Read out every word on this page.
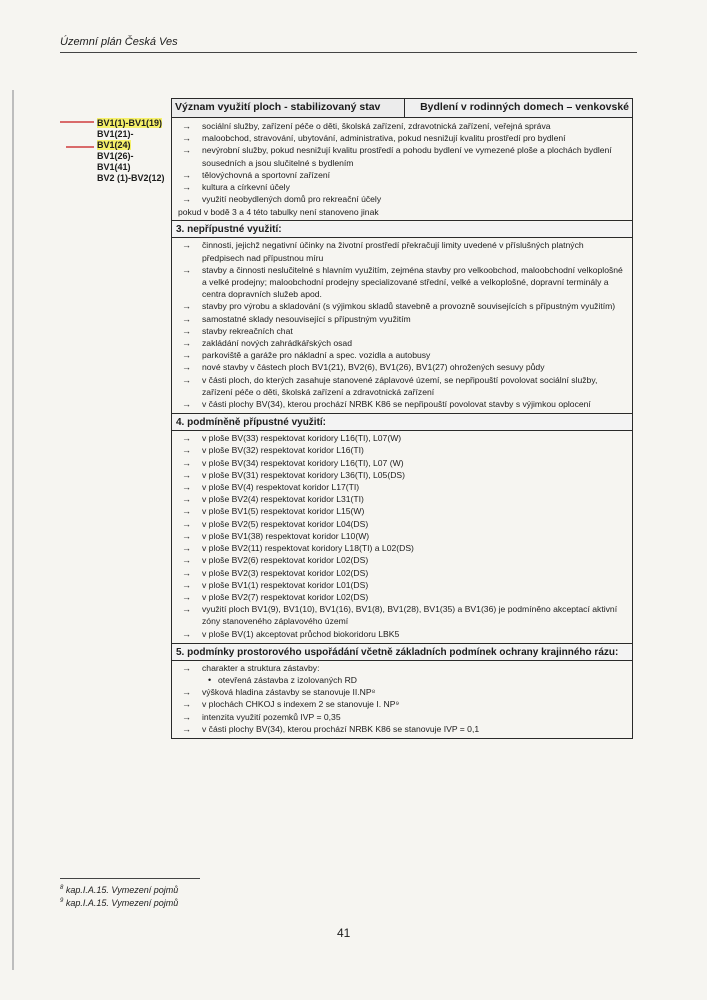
Územní plán Česká Ves
BV1(1)-BV1(19)
BV1(21)-
BV1(24)
BV1(26)-
BV1(41)
BV2 (1)-BV2(12)
Význam využití ploch - stabilizovaný stav	Bydlení v rodinných domech – venkovské
→ sociální služby, zařízení péče o děti, školská zařízení, zdravotnická zařízení, veřejná správa
→ maloobchod, stravování, ubytování, administrativa, pokud nesnižují kvalitu prostředí pro bydlení
→ nevýrobní služby, pokud nesnižují kvalitu prostředí a pohodu bydlení ve vymezené ploše a plochách bydlení sousedních a jsou slučitelné s bydlením
→ tělovýchovná a sportovní zařízení
→ kultura a církevní účely
→ využití neobydlených domů pro rekreační účely
pokud v bodě 3 a 4 této tabulky není stanoveno jinak
3. nepřípustné využití:
→ činnosti, jejichž negativní účinky na životní prostředí překračují limity uvedené v příslušných platných předpisech nad přípustnou míru
→ stavby a činnosti neslučitelné s hlavním využitím, zejména stavby pro velkoobchod, maloobchodní velkoplošné a velké prodejny; maloobchodní prodejny specializované střední, velké a velkoplošné, dopravní terminály a centra dopravních služeb apod.
→ stavby pro výrobu a skladování (s výjimkou skladů stavebně a provozně souvisejících s přípustným využitím)
→ samostatné sklady nesouvisející s přípustným využitím
→ stavby rekreačních chat
→ zakládání nových zahrádkářských osad
→ parkoviště a garáže pro nákladní a spec. vozidla a autobusy
→ nové stavby v částech ploch BV1(21), BV2(6), BV1(26), BV1(27) ohrožených sesuvy půdy
→ v části ploch, do kterých zasahuje stanovené záplavové území, se nepřipouští povolovat sociální služby, zařízení péče o děti, školská zařízení a zdravotnická zařízení
→ v části plochy BV(34), kterou prochází NRBK K86 se nepřipouští povolovat stavby s výjimkou oplocení
4. podmíněně přípustné využití:
→ v ploše BV(33) respektovat koridory L16(TI), L07(W)
→ v ploše BV(32) respektovat koridor L16(TI)
→ v ploše BV(34) respektovat koridory L16(TI), L07 (W)
→ v ploše BV(31) respektovat koridory L36(TI), L05(DS)
→ v ploše BV(4) respektovat koridor L17(TI)
→ v ploše BV2(4) respektovat koridor L31(TI)
→ v ploše BV1(5) respektovat koridor L15(W)
→ v ploše BV2(5) respektovat koridor L04(DS)
→ v ploše BV1(38) respektovat koridor L10(W)
→ v ploše BV2(11) respektovat koridory L18(TI) a L02(DS)
→ v ploše BV2(6) respektovat koridor L02(DS)
→ v ploše BV2(3) respektovat koridor L02(DS)
→ v ploše BV1(1) respektovat koridor L01(DS)
→ v ploše BV2(7) respektovat koridor L02(DS)
→ využití ploch BV1(9), BV1(10), BV1(16), BV1(8), BV1(28), BV1(35) a BV1(36) je podmíněno akceptací aktivní zóny stanoveného záplavového území
→ v ploše BV(1) akceptovat průchod biokoridoru LBK5
5. podmínky prostorového uspořádání včetně základních podmínek ochrany krajinného rázu:
→ charakter a struktura zástavby:
• otevřená zástavba z izolovaných RD
→ výšková hladina zástavby se stanovuje II.NP⁸
→ v plochách CHKOJ s indexem 2 se stanovuje I. NP⁹
→ intenzita využití pozemků IVP = 0,35
→ v části plochy BV(34), kterou prochází NRBK K86 se stanovuje IVP = 0,1
$^8$ kap.I.A.15. Vymezení pojmů
$^9$ kap.I.A.15. Vymezení pojmů
41
